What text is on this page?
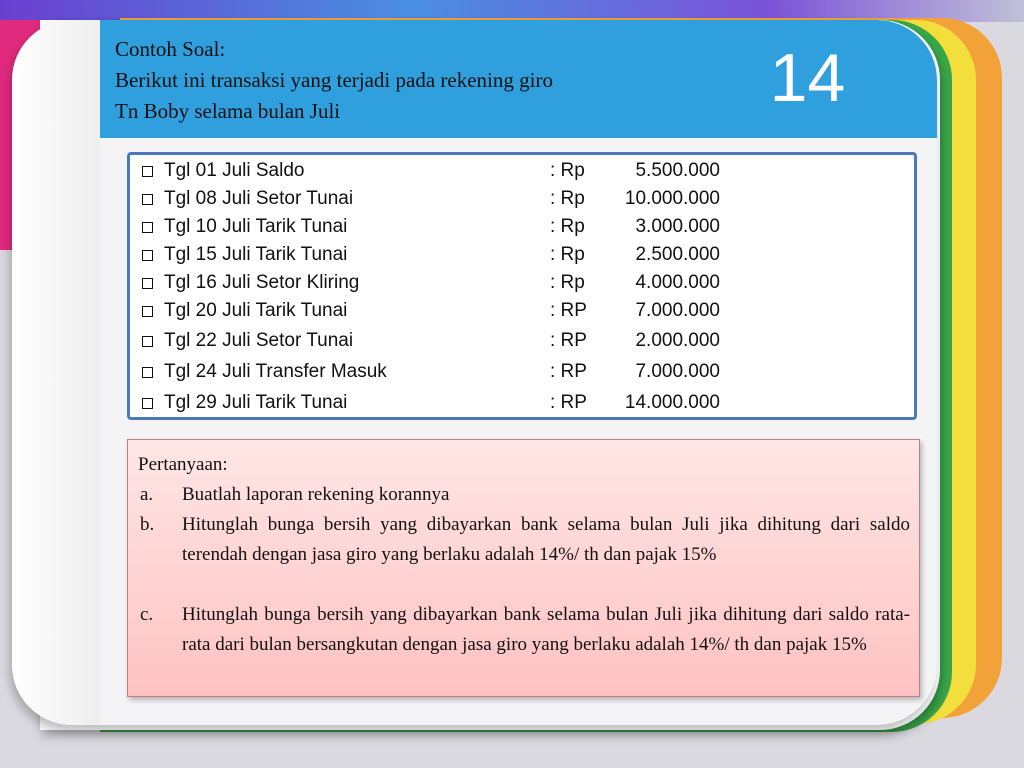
Contoh Soal:
Berikut ini transaksi yang terjadi pada rekening giro
Tn Boby selama bulan Juli	14
Tgl 01 Juli Saldo	: Rp	5.500.000
Tgl 08 Juli Setor Tunai	: Rp	10.000.000
Tgl 10 Juli Tarik Tunai	: Rp	3.000.000
Tgl 15 Juli Tarik Tunai	: Rp	2.500.000
Tgl 16 Juli Setor Kliring	: Rp	4.000.000
Tgl 20 Juli Tarik Tunai	: RP	7.000.000
Tgl 22 Juli Setor Tunai	: RP	2.000.000
Tgl 24 Juli Transfer Masuk	: RP	7.000.000
Tgl 29 Juli Tarik Tunai	: RP	14.000.000
Pertanyaan:
a. Buatlah laporan rekening korannya
b. Hitunglah bunga bersih yang dibayarkan bank selama bulan Juli jika dihitung dari saldo terendah dengan jasa giro yang berlaku adalah 14%/ th dan pajak 15%
c. Hitunglah bunga bersih yang dibayarkan bank selama bulan Juli jika dihitung dari saldo rata-rata dari bulan bersangkutan dengan jasa giro yang berlaku adalah 14%/ th dan pajak 15%
